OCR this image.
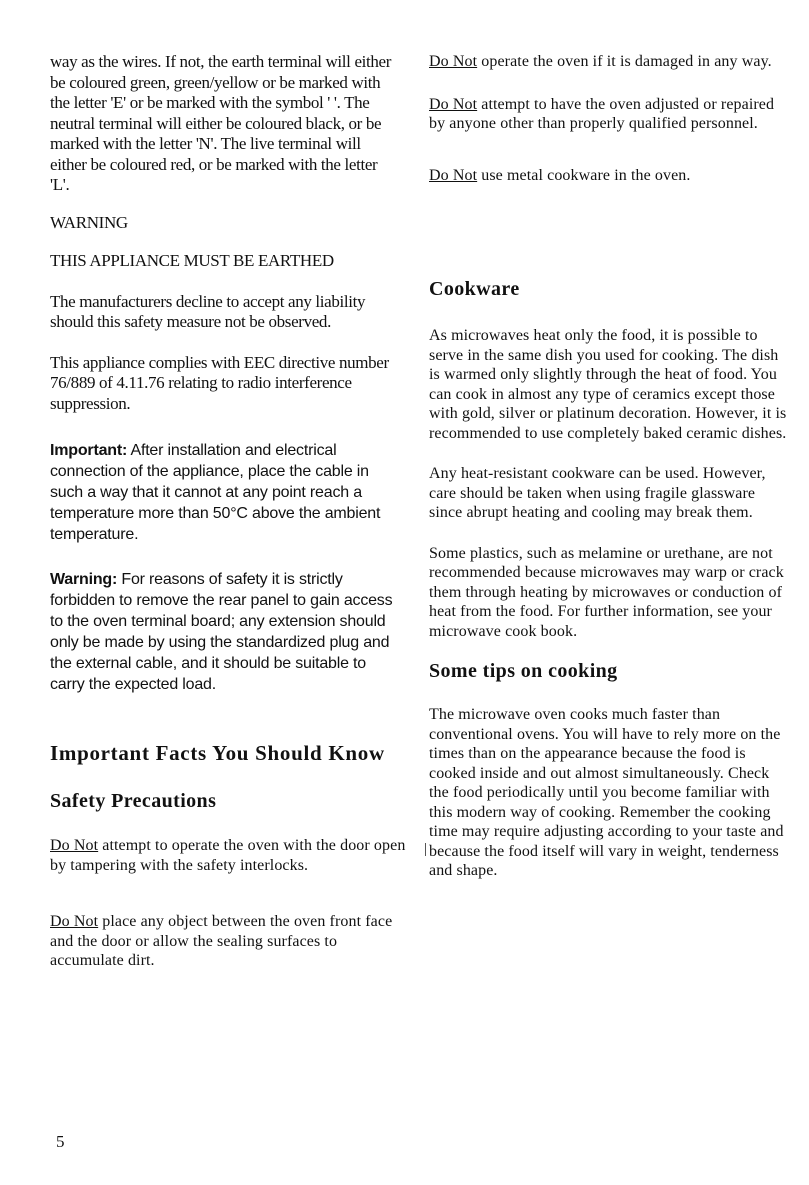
way as the wires. If not, the earth terminal will either be coloured green, green/yellow or be marked with the letter 'E' or be marked with the symbol ' '. The neutral terminal will either be coloured black, or be marked with the letter 'N'. The live terminal will either be coloured red, or be marked with the letter 'L'.

WARNING

THIS APPLIANCE MUST BE EARTHED

The manufacturers decline to accept any liability should this safety measure not be observed.

This appliance complies with EEC directive number 76/889 of 4.11.76 relating to radio interference suppression.

Important: After installation and electrical connection of the appliance, place the cable in such a way that it cannot at any point reach a temperature more than 50°C above the ambient temperature.

Warning: For reasons of safety it is strictly forbidden to remove the rear panel to gain access to the oven terminal board; any extension should only be made by using the standardized plug and the external cable, and it should be suitable to carry the expected load.

Important Facts You Should Know
Safety Precautions

Do Not attempt to operate the oven with the door open by tampering with the safety interlocks.

Do Not place any object between the oven front face and the door or allow the sealing surfaces to accumulate dirt.

Do Not operate the oven if it is damaged in any way.

Do Not attempt to have the oven adjusted or repaired by anyone other than properly qualified personnel.

Do Not use metal cookware in the oven.

Cookware

As microwaves heat only the food, it is possible to serve in the same dish you used for cooking. The dish is warmed only slightly through the heat of food. You can cook in almost any type of ceramics except those with gold, silver or platinum decoration. However, it is recommended to use completely baked ceramic dishes.

Any heat-resistant cookware can be used. However, care should be taken when using fragile glassware since abrupt heating and cooling may break them.

Some plastics, such as melamine or urethane, are not recommended because microwaves may warp or crack them through heating by microwaves or conduction of heat from the food. For further information, see your microwave cook book.

Some tips on cooking

The microwave oven cooks much faster than conventional ovens. You will have to rely more on the times than on the appearance because the food is cooked inside and out almost simultaneously. Check the food periodically until you become familiar with this modern way of cooking. Remember the cooking time may require adjusting according to your taste and because the food itself will vary in weight, tenderness and shape.

5
